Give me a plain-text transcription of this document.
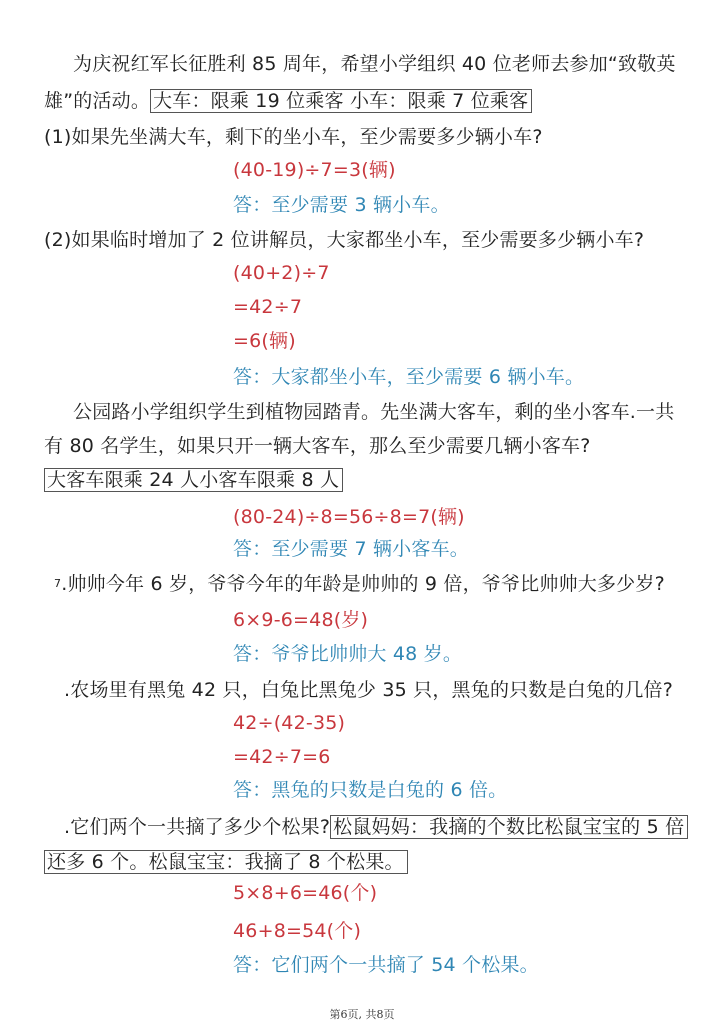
为庆祝红军长征胜利 85 周年，希望小学组织 40 位老师去参加“致敬英
雄”的活动。 大车：限乘 19 位乘客 小车：限乘 7 位乘客
(1)如果先坐满大车，剩下的坐小车，至少需要多少辆小车?
(40-19)÷7=3(辆)
答：至少需要 3 辆小车。
(2)如果临时增加了 2 位讲解员，大家都坐小车，至少需要多少辆小车?
(40+2)÷7
=42÷7
=6(辆)
答：大家都坐小车，至少需要 6 辆小车。
公园路小学组织学生到植物园踏青。先坐满大客车，剩的坐小客车.一共
有 80 名学生，如果只开一辆大客车，那么至少需要几辆小客车?
大客车限乘 24 人小客车限乘 8 人
(80-24)÷8=56÷8=7(辆)
答：至少需要 7 辆小客车。
$^7$.帅帅今年 6 岁，爷爷今年的年龄是帅帅的 9 倍，爷爷比帅帅大多少岁?
6×9-6=48(岁)
答：爷爷比帅帅大 48 岁。
.农场里有黑兔 42 只，白兔比黑兔少 35 只，黑兔的只数是白兔的几倍?
42÷(42-35)
=42÷7=6
答：黑兔的只数是白兔的 6 倍。
.它们两个一共摘了多少个松果? 松鼠妈妈：我摘的个数比松鼠宝宝的 5 倍
还多 6 个。松鼠宝宝：我摘了 8 个松果。
5×8+6=46(个)
46+8=54(个)
答：它们两个一共摘了 54 个松果。
第6页, 共8页
